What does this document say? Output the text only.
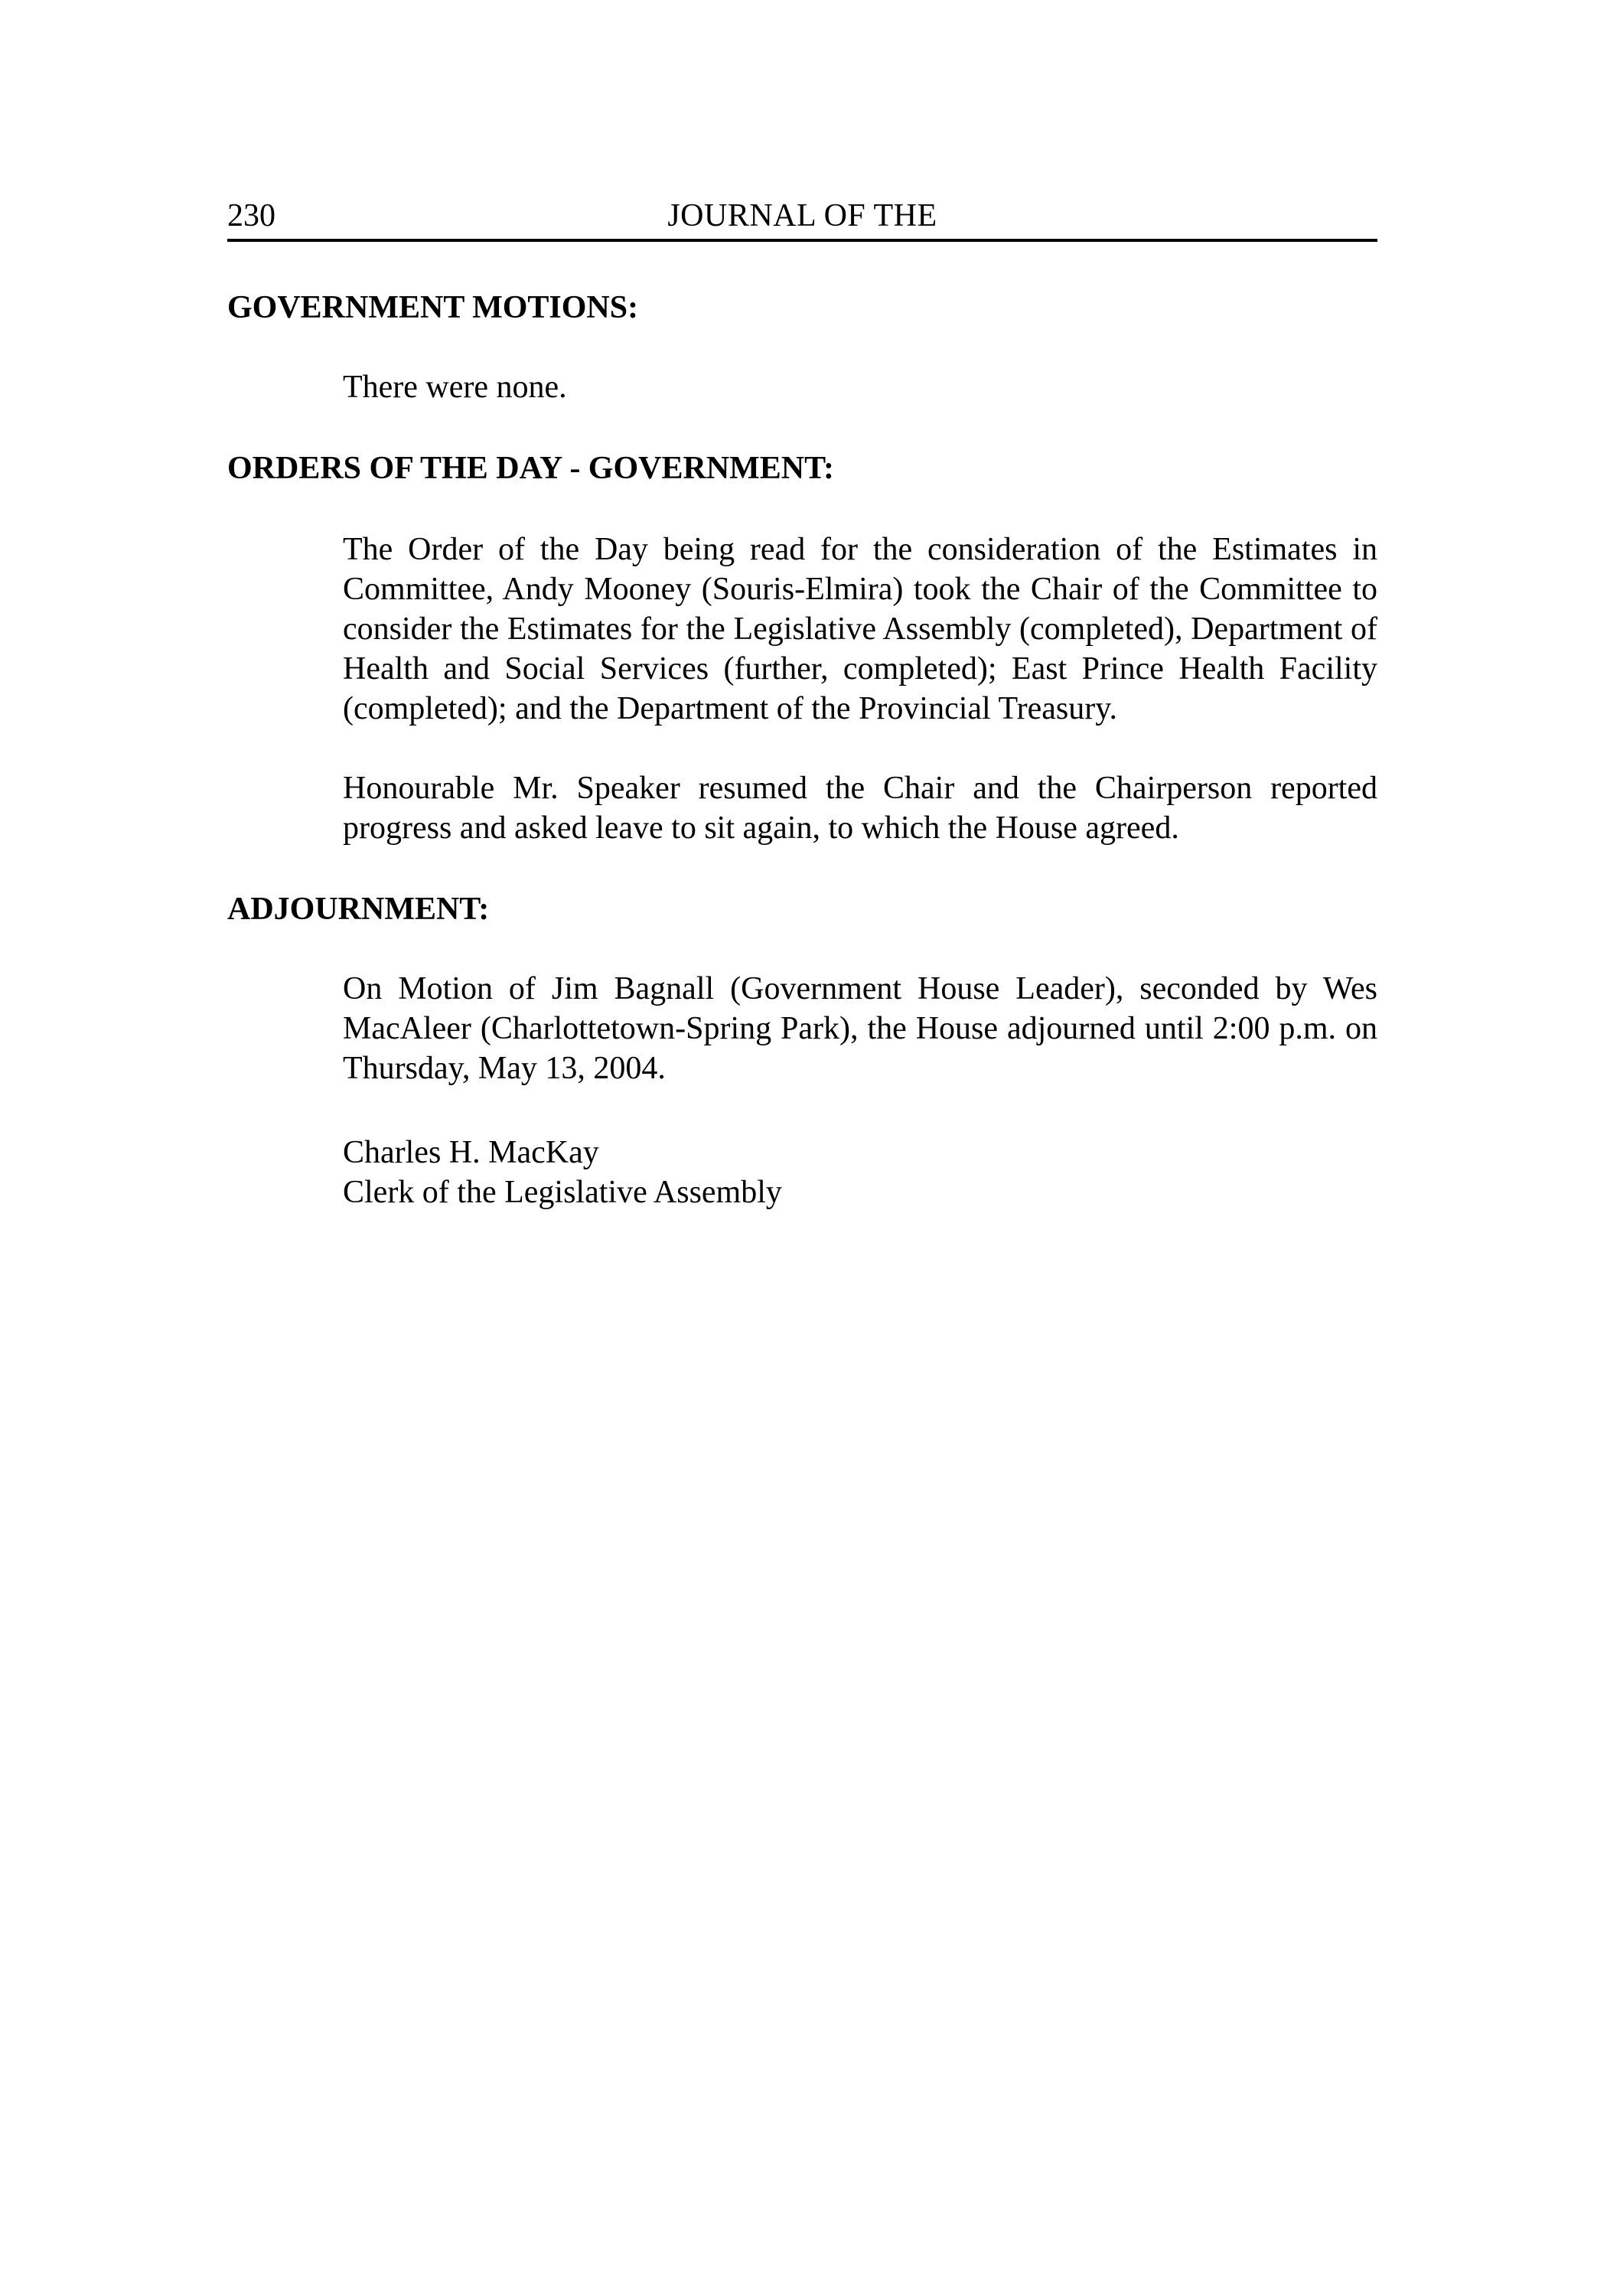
230	JOURNAL OF THE
GOVERNMENT MOTIONS:

There were none.

ORDERS OF THE DAY - GOVERNMENT:

The Order of the Day being read for the consideration of the Estimates in Committee, Andy Mooney (Souris-Elmira) took the Chair of the Committee to consider the Estimates for the Legislative Assembly (completed), Department of Health and Social Services (further, completed); East Prince Health Facility (completed); and the Department of the Provincial Treasury.

Honourable Mr. Speaker resumed the Chair and the Chairperson reported progress and asked leave to sit again, to which the House agreed.

ADJOURNMENT:

On Motion of Jim Bagnall (Government House Leader), seconded by Wes MacAleer (Charlottetown-Spring Park), the House adjourned until 2:00 p.m. on Thursday, May 13, 2004.

Charles H. MacKay
Clerk of the Legislative Assembly
